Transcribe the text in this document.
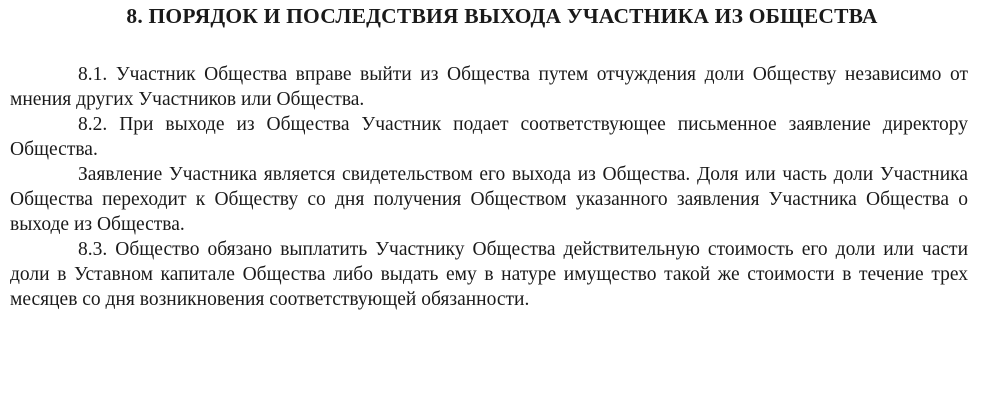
8. ПОРЯДОК И ПОСЛЕДСТВИЯ ВЫХОДА УЧАСТНИКА ИЗ ОБЩЕСТВА

8.1. Участник Общества вправе выйти из Общества путем отчуждения доли Обществу независимо от мнения других Участников или Общества.

8.2. При выходе из Общества Участник подает соответствующее письменное заявление директору Общества.

Заявление Участника является свидетельством его выхода из Общества. Доля или часть доли Участника Общества переходит к Обществу со дня получения Обществом указанного заявления Участника Общества о выходе из Общества.

8.3. Общество обязано выплатить Участнику Общества действительную стоимость его доли или части доли в Уставном капитале Общества либо выдать ему в натуре имущество такой же стоимости в течение трех месяцев со дня возникновения соответствующей обязанности.
